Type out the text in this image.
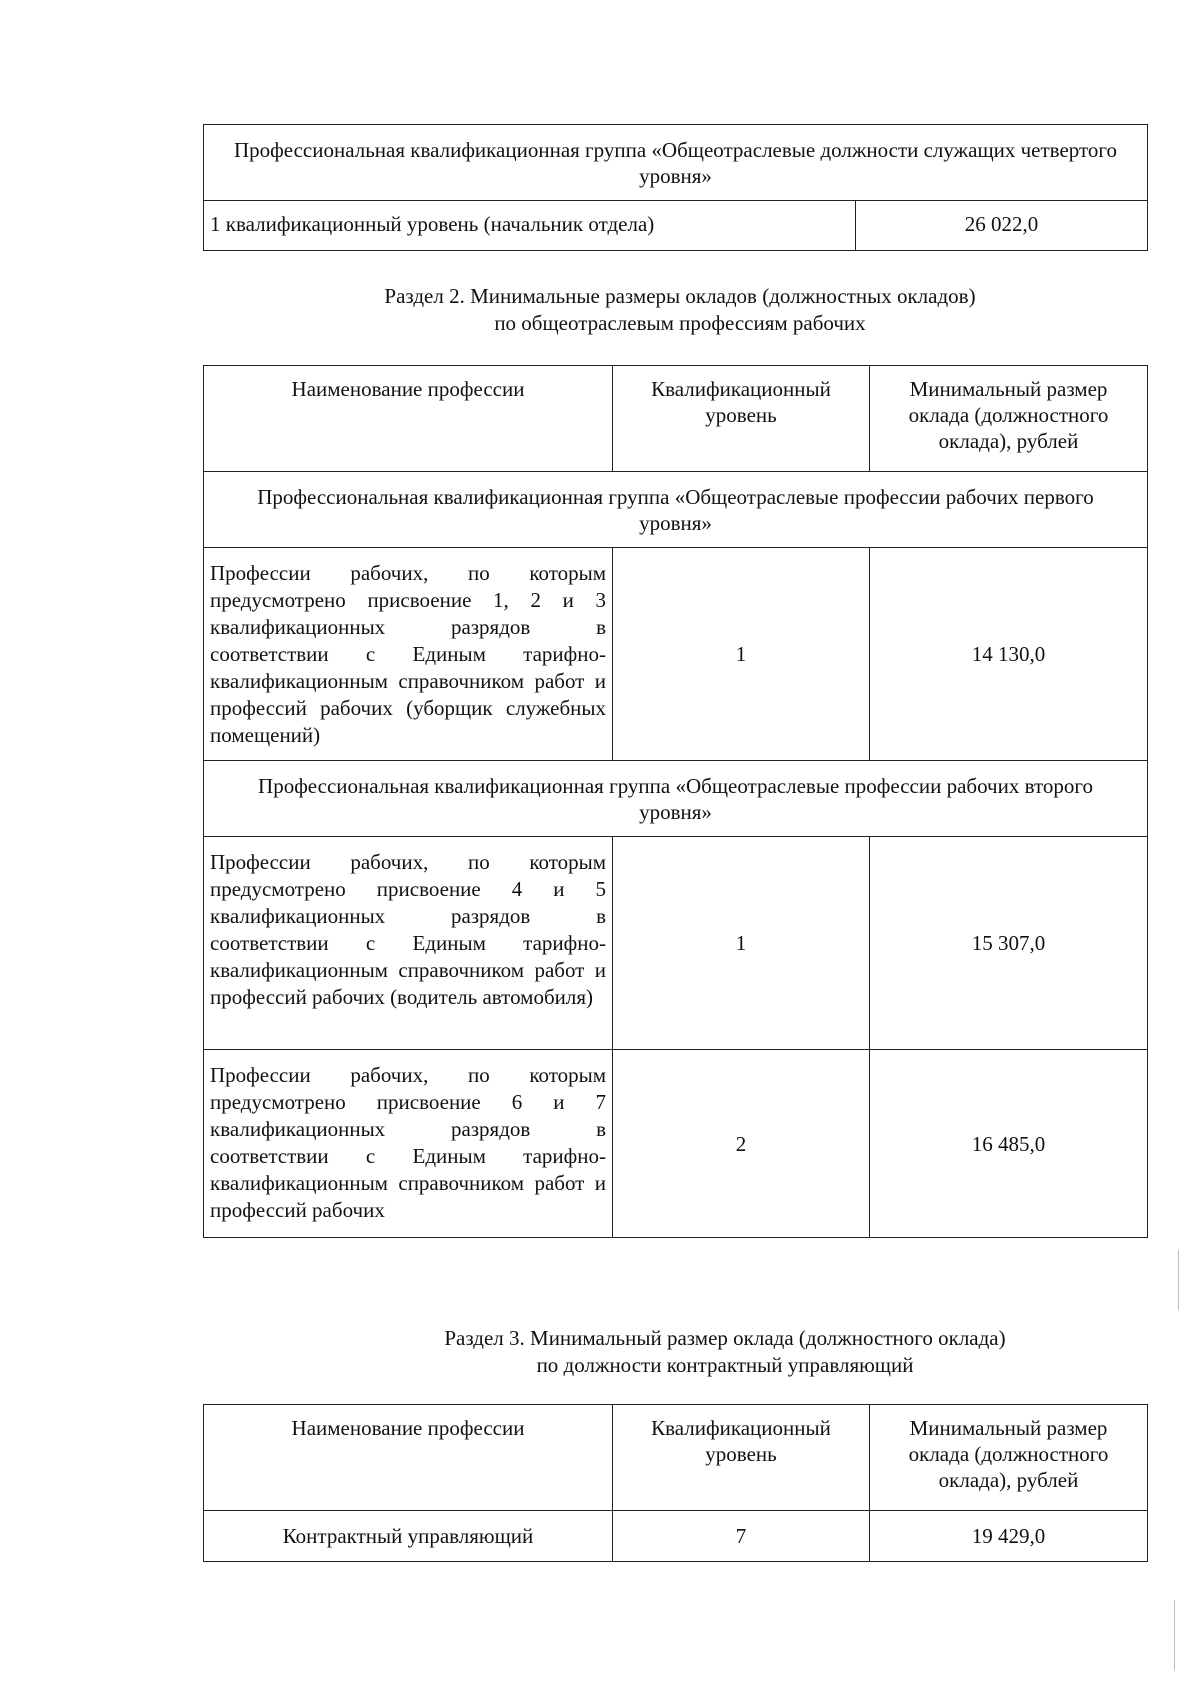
Профессиональная квалификационная группа «Общеотраслевые должности служащих четвертого уровня»
1 квалификационный уровень (начальник отдела)	26 022,0
Раздел 2. Минимальные размеры окладов (должностных окладов)
по общеотраслевым профессиям рабочих
Наименование профессии	Квалификационный уровень	Минимальный размер оклада (должностного оклада), рублей
Профессиональная квалификационная группа «Общеотраслевые профессии рабочих первого уровня»		
Профессии рабочих, по которым предусмотрено присвоение 1, 2 и 3 квалификационных разрядов в соответствии с Единым тарифно-квалификационным справочником работ и профессий рабочих (уборщик служебных помещений)	1	14 130,0
Профессиональная квалификационная группа «Общеотраслевые профессии рабочих второго уровня»		
Профессии рабочих, по которым предусмотрено присвоение 4 и 5 квалификационных разрядов в соответствии с Единым тарифно-квалификационным справочником работ и профессий рабочих (водитель автомобиля)	1	15 307,0
Профессии рабочих, по которым предусмотрено присвоение 6 и 7 квалификационных разрядов в соответствии с Единым тарифно-квалификационным справочником работ и профессий рабочих	2	16 485,0
Раздел 3. Минимальный размер оклада (должностного оклада)
по должности контрактный управляющий
Наименование профессии	Квалификационный уровень	Минимальный размер оклада (должностного оклада), рублей
Контрактный управляющий	7	19 429,0
